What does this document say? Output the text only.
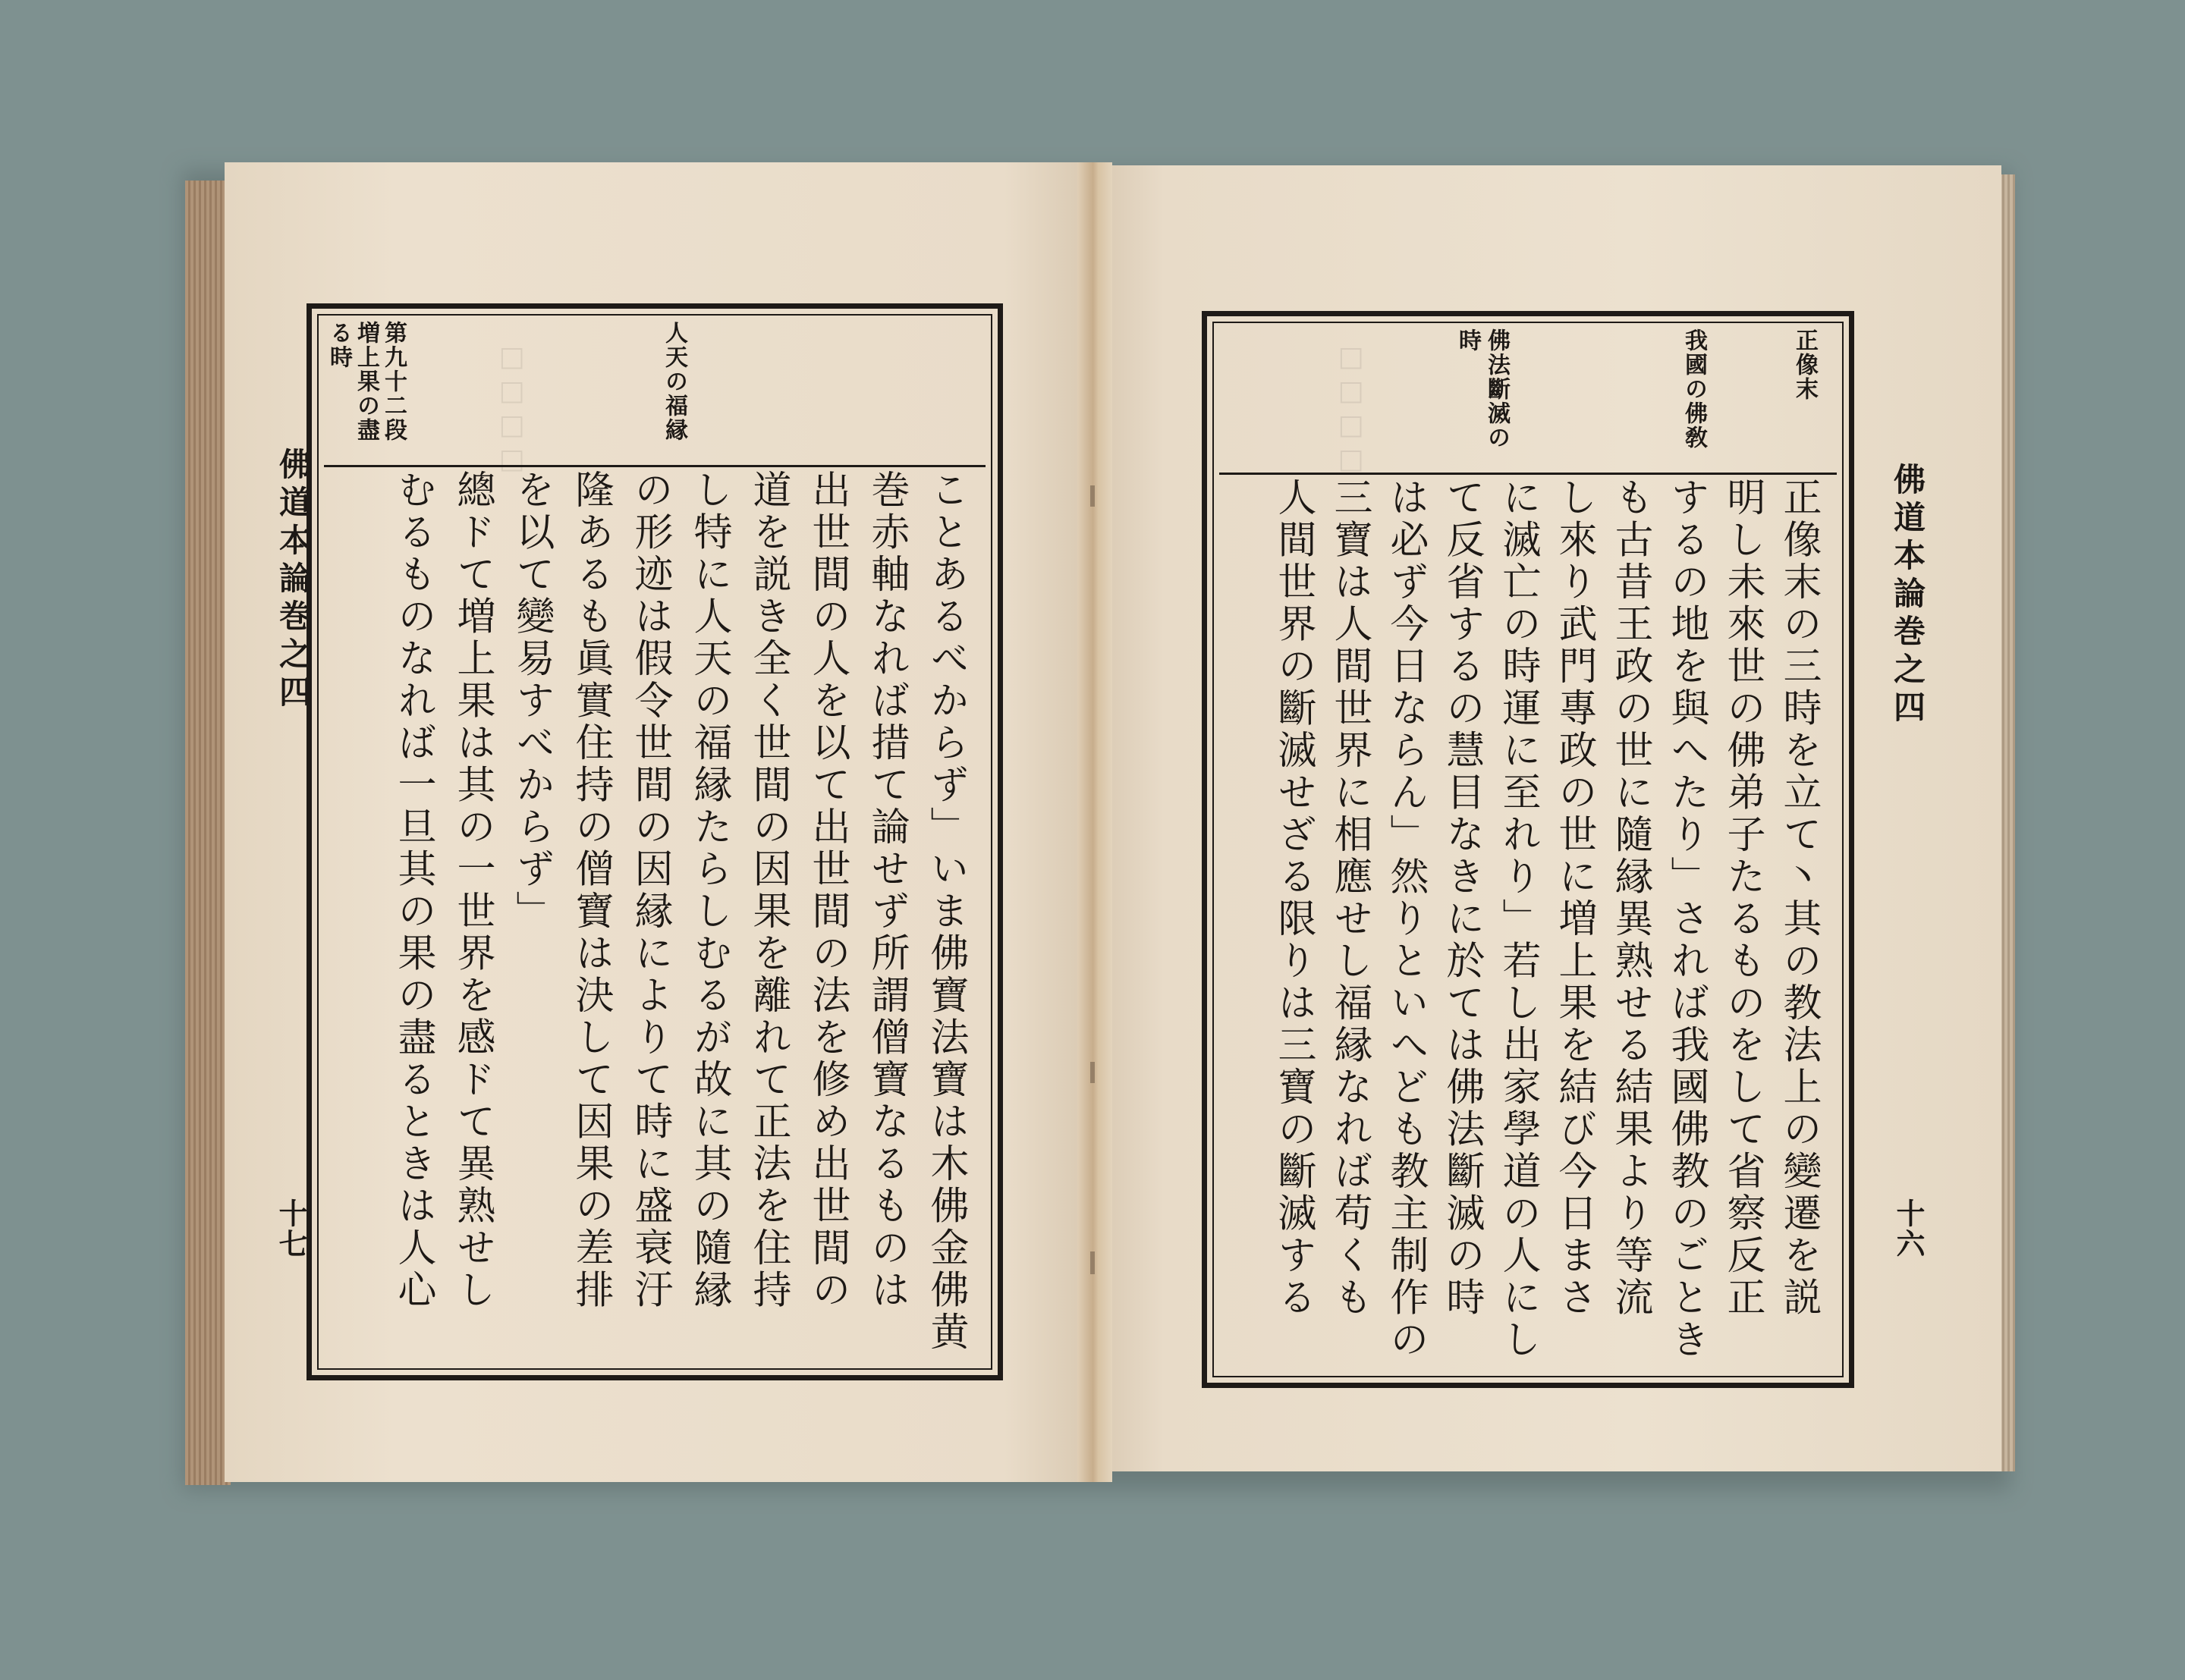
□□□□	□□□□
佛道本論巻之四
十七
人天の福縁
第九十二段
増上果の盡
る時
ことあるべからず」いま佛寶法寶は木佛金佛黄
巻赤軸なれば措て論せず所謂僧寶なるものは
出世間の人を以て出世間の法を修め出世間の
道を説き全く世間の因果を離れて正法を住持
し特に人天の福縁たらしむるが故に其の隨縁
の形迹は假令世間の因縁によりて時に盛衰汙
隆あるも眞實住持の僧寶は決して因果の差排
を以て變易すべからず」
總ドて増上果は其の一世界を感ドて異熟せし
むるものなれば一旦其の果の盡るときは人心	佛道本論巻之四
十六
正像末
我國の佛敎
佛法斷滅の
時
正像末の三時を立て丶其の教法上の變遷を説
明し未來世の佛弟子たるものをして省察反正
するの地を與へたり」されば我國佛教のごとき
も古昔王政の世に隨縁異熟せる結果より等流
し來り武門專政の世に増上果を結び今日まさ
に滅亡の時運に至れり」若し出家學道の人にし
て反省するの慧目なきに於ては佛法斷滅の時
は必ず今日ならん」然りといへども教主制作の
三寶は人間世界に相應せし福縁なれば苟くも
人間世界の斷滅せざる限りは三寶の斷滅する
